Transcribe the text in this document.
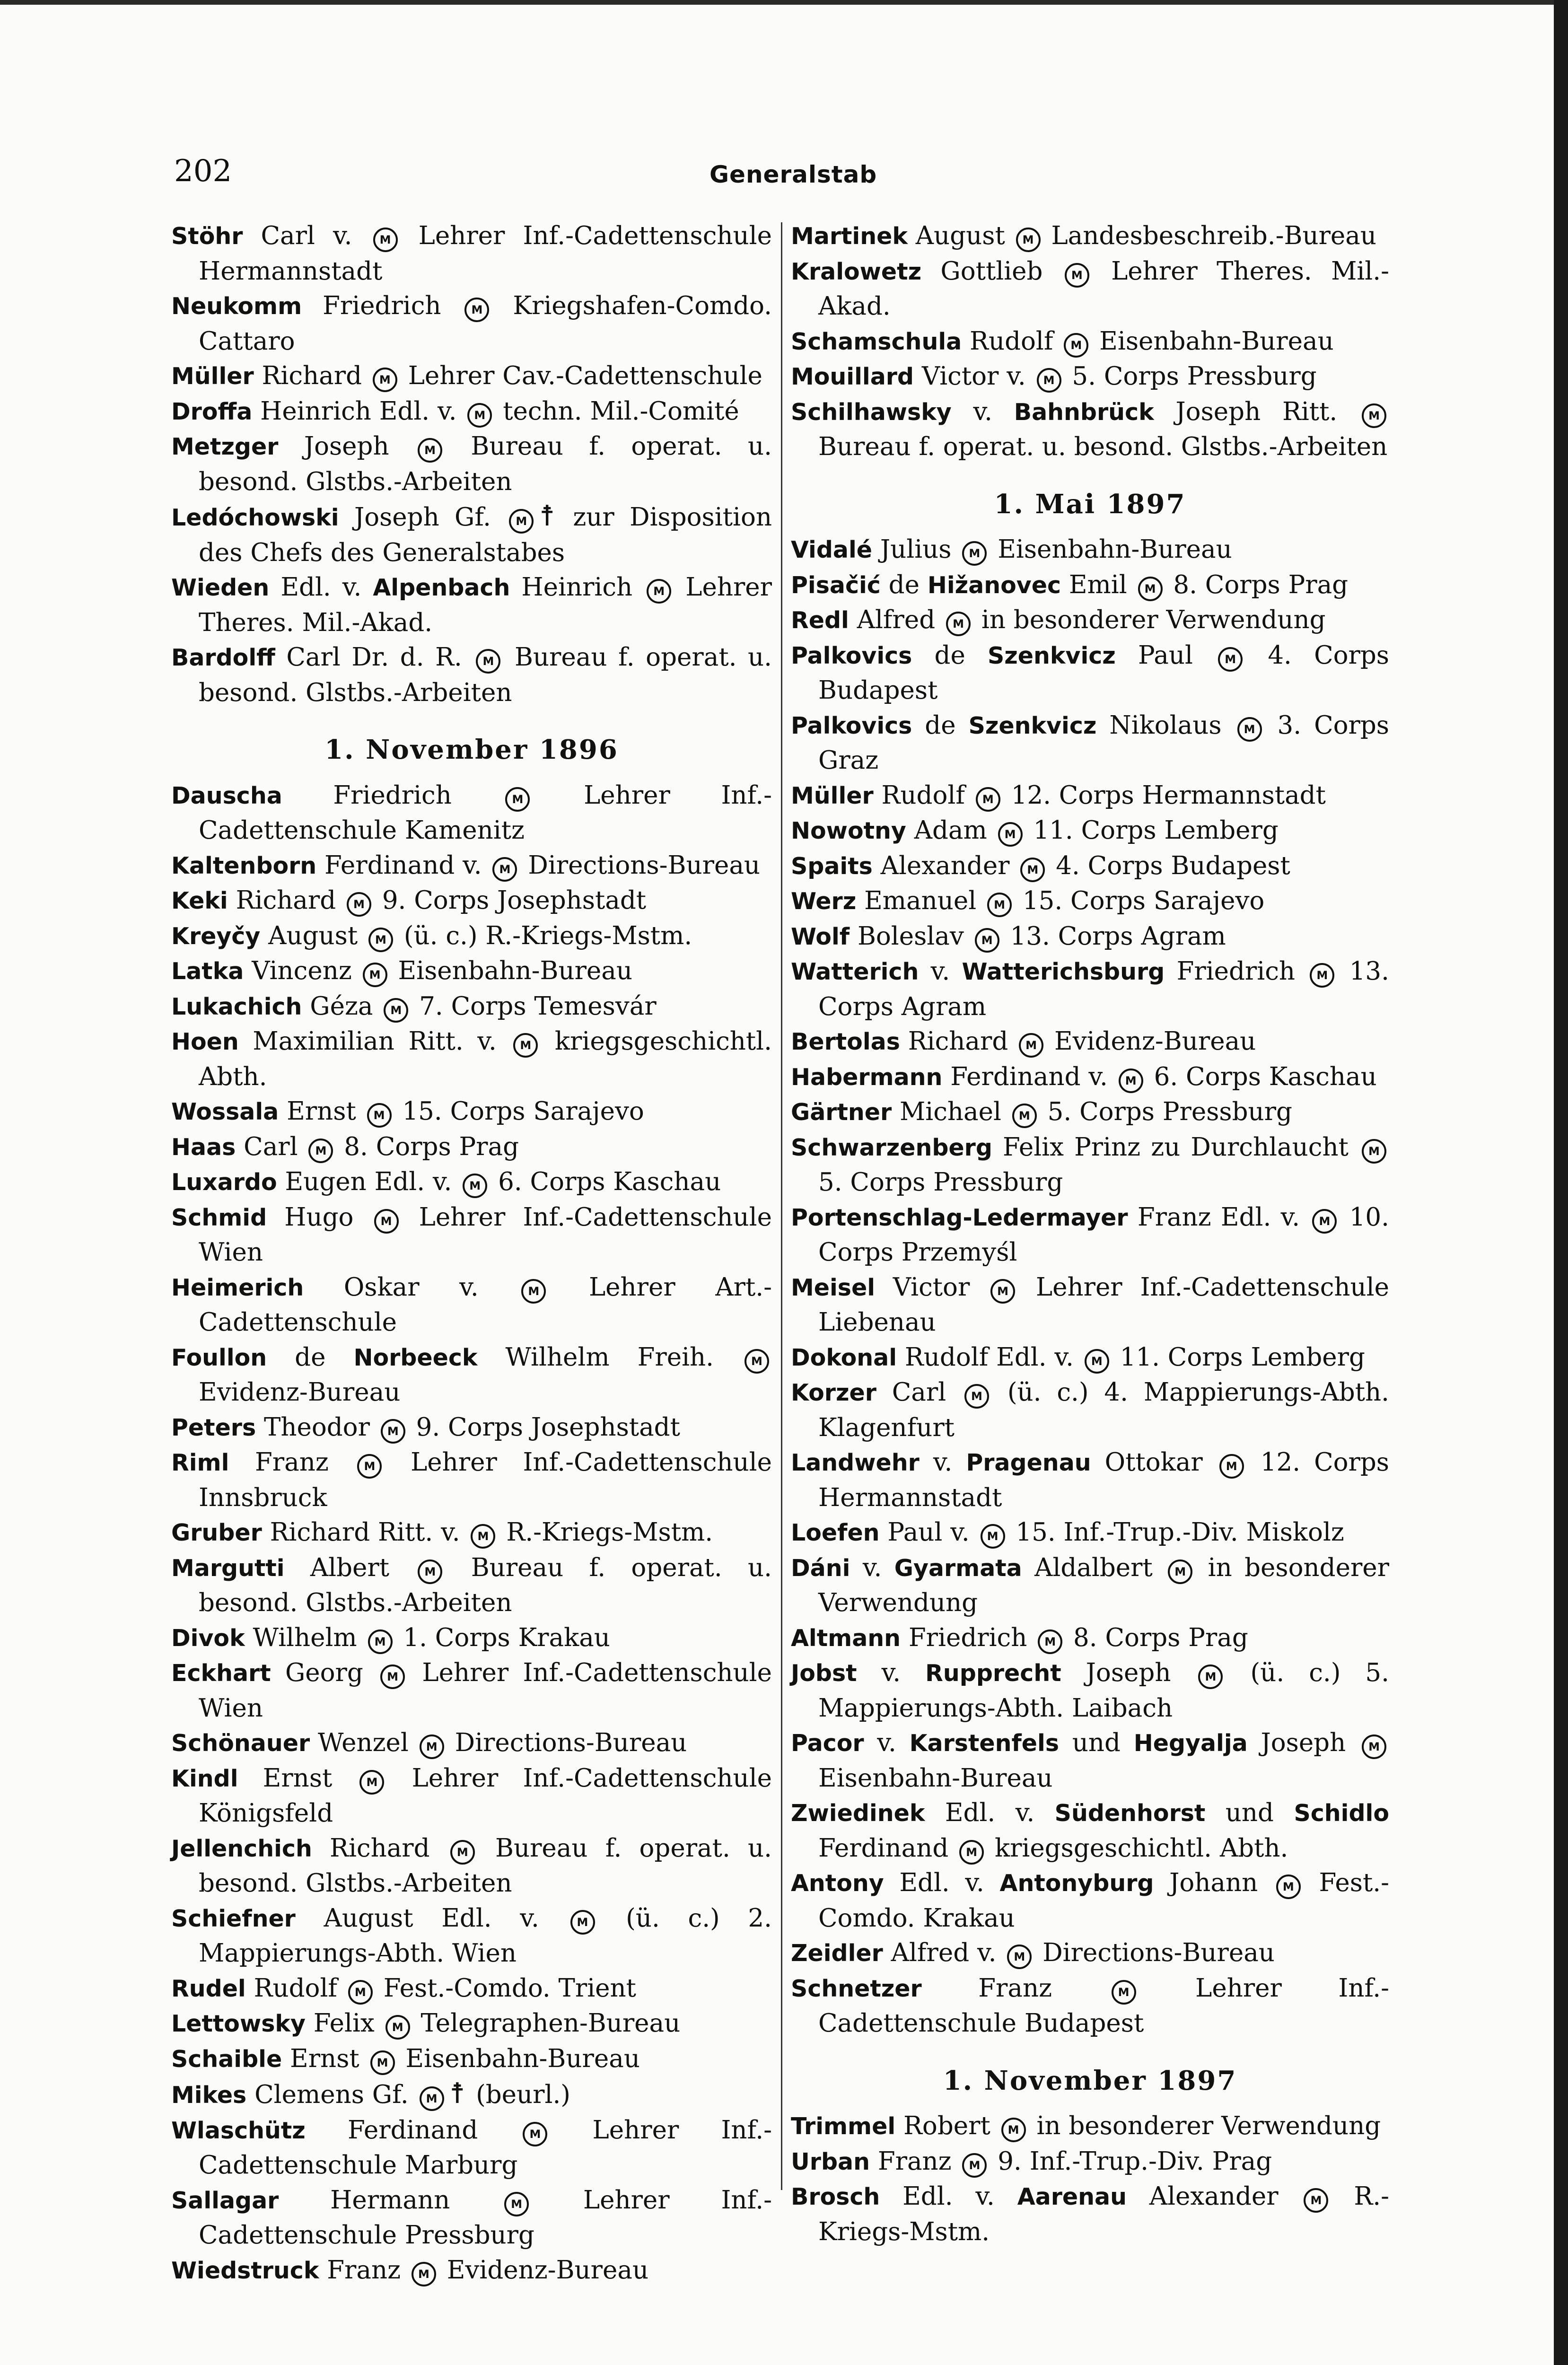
202	Generalstab
Stöhr Carl v. M Lehrer Inf.-Cadettenschule Hermannstadt
Neukomm Friedrich M Kriegshafen-Comdo. Cattaro
Müller Richard M Lehrer Cav.-Cadettenschule
Droffa Heinrich Edl. v. M techn. Mil.-Comité
Metzger Joseph M Bureau f. operat. u. besond. Glstbs.-Arbeiten
Ledóchowski Joseph Gf. M ☨ zur Disposition des Chefs des Generalstabes
Wieden Edl. v. Alpenbach Heinrich M Lehrer Theres. Mil.-Akad.
Bardolff Carl Dr. d. R. M Bureau f. operat. u. besond. Glstbs.-Arbeiten
1. November 1896
Dauscha Friedrich M Lehrer Inf.-Cadettenschule Kamenitz
Kaltenborn Ferdinand v. M Directions-Bureau
Keki Richard M 9. Corps Josephstadt
Kreyčy August M (ü. c.) R.-Kriegs-Mstm.
Latka Vincenz M Eisenbahn-Bureau
Lukachich Géza M 7. Corps Temesvár
Hoen Maximilian Ritt. v. M kriegsgeschichtl. Abth.
Wossala Ernst M 15. Corps Sarajevo
Haas Carl M 8. Corps Prag
Luxardo Eugen Edl. v. M 6. Corps Kaschau
Schmid Hugo M Lehrer Inf.-Cadettenschule Wien
Heimerich Oskar v. M Lehrer Art.-Cadettenschule
Foullon de Norbeeck Wilhelm Freih. M Evidenz-Bureau
Peters Theodor M 9. Corps Josephstadt
Riml Franz M Lehrer Inf.-Cadettenschule Innsbruck
Gruber Richard Ritt. v. M R.-Kriegs-Mstm.
Margutti Albert M Bureau f. operat. u. besond. Glstbs.-Arbeiten
Divok Wilhelm M 1. Corps Krakau
Eckhart Georg M Lehrer Inf.-Cadettenschule Wien
Schönauer Wenzel M Directions-Bureau
Kindl Ernst M Lehrer Inf.-Cadettenschule Königsfeld
Jellenchich Richard M Bureau f. operat. u. besond. Glstbs.-Arbeiten
Schiefner August Edl. v. M (ü. c.) 2. Mappierungs-Abth. Wien
Rudel Rudolf M Fest.-Comdo. Trient
Lettowsky Felix M Telegraphen-Bureau
Schaible Ernst M Eisenbahn-Bureau
Mikes Clemens Gf. M ☨ (beurl.)
Wlaschütz Ferdinand M Lehrer Inf.-Cadettenschule Marburg
Sallagar Hermann M Lehrer Inf.-Cadettenschule Pressburg
Wiedstruck Franz M Evidenz-Bureau
Martinek August M Landesbeschreib.-Bureau
Kralowetz Gottlieb M Lehrer Theres. Mil.-Akad.
Schamschula Rudolf M Eisenbahn-Bureau
Mouillard Victor v. M 5. Corps Pressburg
Schilhawsky v. Bahnbrück Joseph Ritt. M Bureau f. operat. u. besond. Glstbs.-Arbeiten
1. Mai 1897
Vidalé Julius M Eisenbahn-Bureau
Pisačić de Hižanovec Emil M 8. Corps Prag
Redl Alfred M in besonderer Verwendung
Palkovics de Szenkvicz Paul M 4. Corps Budapest
Palkovics de Szenkvicz Nikolaus M 3. Corps Graz
Müller Rudolf M 12. Corps Hermannstadt
Nowotny Adam M 11. Corps Lemberg
Spaits Alexander M 4. Corps Budapest
Werz Emanuel M 15. Corps Sarajevo
Wolf Boleslav M 13. Corps Agram
Watterich v. Watterichsburg Friedrich M 13. Corps Agram
Bertolas Richard M Evidenz-Bureau
Habermann Ferdinand v. M 6. Corps Kaschau
Gärtner Michael M 5. Corps Pressburg
Schwarzenberg Felix Prinz zu Durchlaucht M 5. Corps Pressburg
Portenschlag-Ledermayer Franz Edl. v. M 10. Corps Przemyśl
Meisel Victor M Lehrer Inf.-Cadettenschule Liebenau
Dokonal Rudolf Edl. v. M 11. Corps Lemberg
Korzer Carl M (ü. c.) 4. Mappierungs-Abth. Klagenfurt
Landwehr v. Pragenau Ottokar M 12. Corps Hermannstadt
Loefen Paul v. M 15. Inf.-Trup.-Div. Miskolz
Dáni v. Gyarmata Aldalbert M in besonderer Verwendung
Altmann Friedrich M 8. Corps Prag
Jobst v. Rupprecht Joseph M (ü. c.) 5. Mappierungs-Abth. Laibach
Pacor v. Karstenfels und Hegyalja Joseph M Eisenbahn-Bureau
Zwiedinek Edl. v. Südenhorst und Schidlo Ferdinand M kriegsgeschichtl. Abth.
Antony Edl. v. Antonyburg Johann M Fest.-Comdo. Krakau
Zeidler Alfred v. M Directions-Bureau
Schnetzer Franz M Lehrer Inf.-Cadettenschule Budapest
1. November 1897
Trimmel Robert M in besonderer Verwendung
Urban Franz M 9. Inf.-Trup.-Div. Prag
Brosch Edl. v. Aarenau Alexander M R.-Kriegs-Mstm.
